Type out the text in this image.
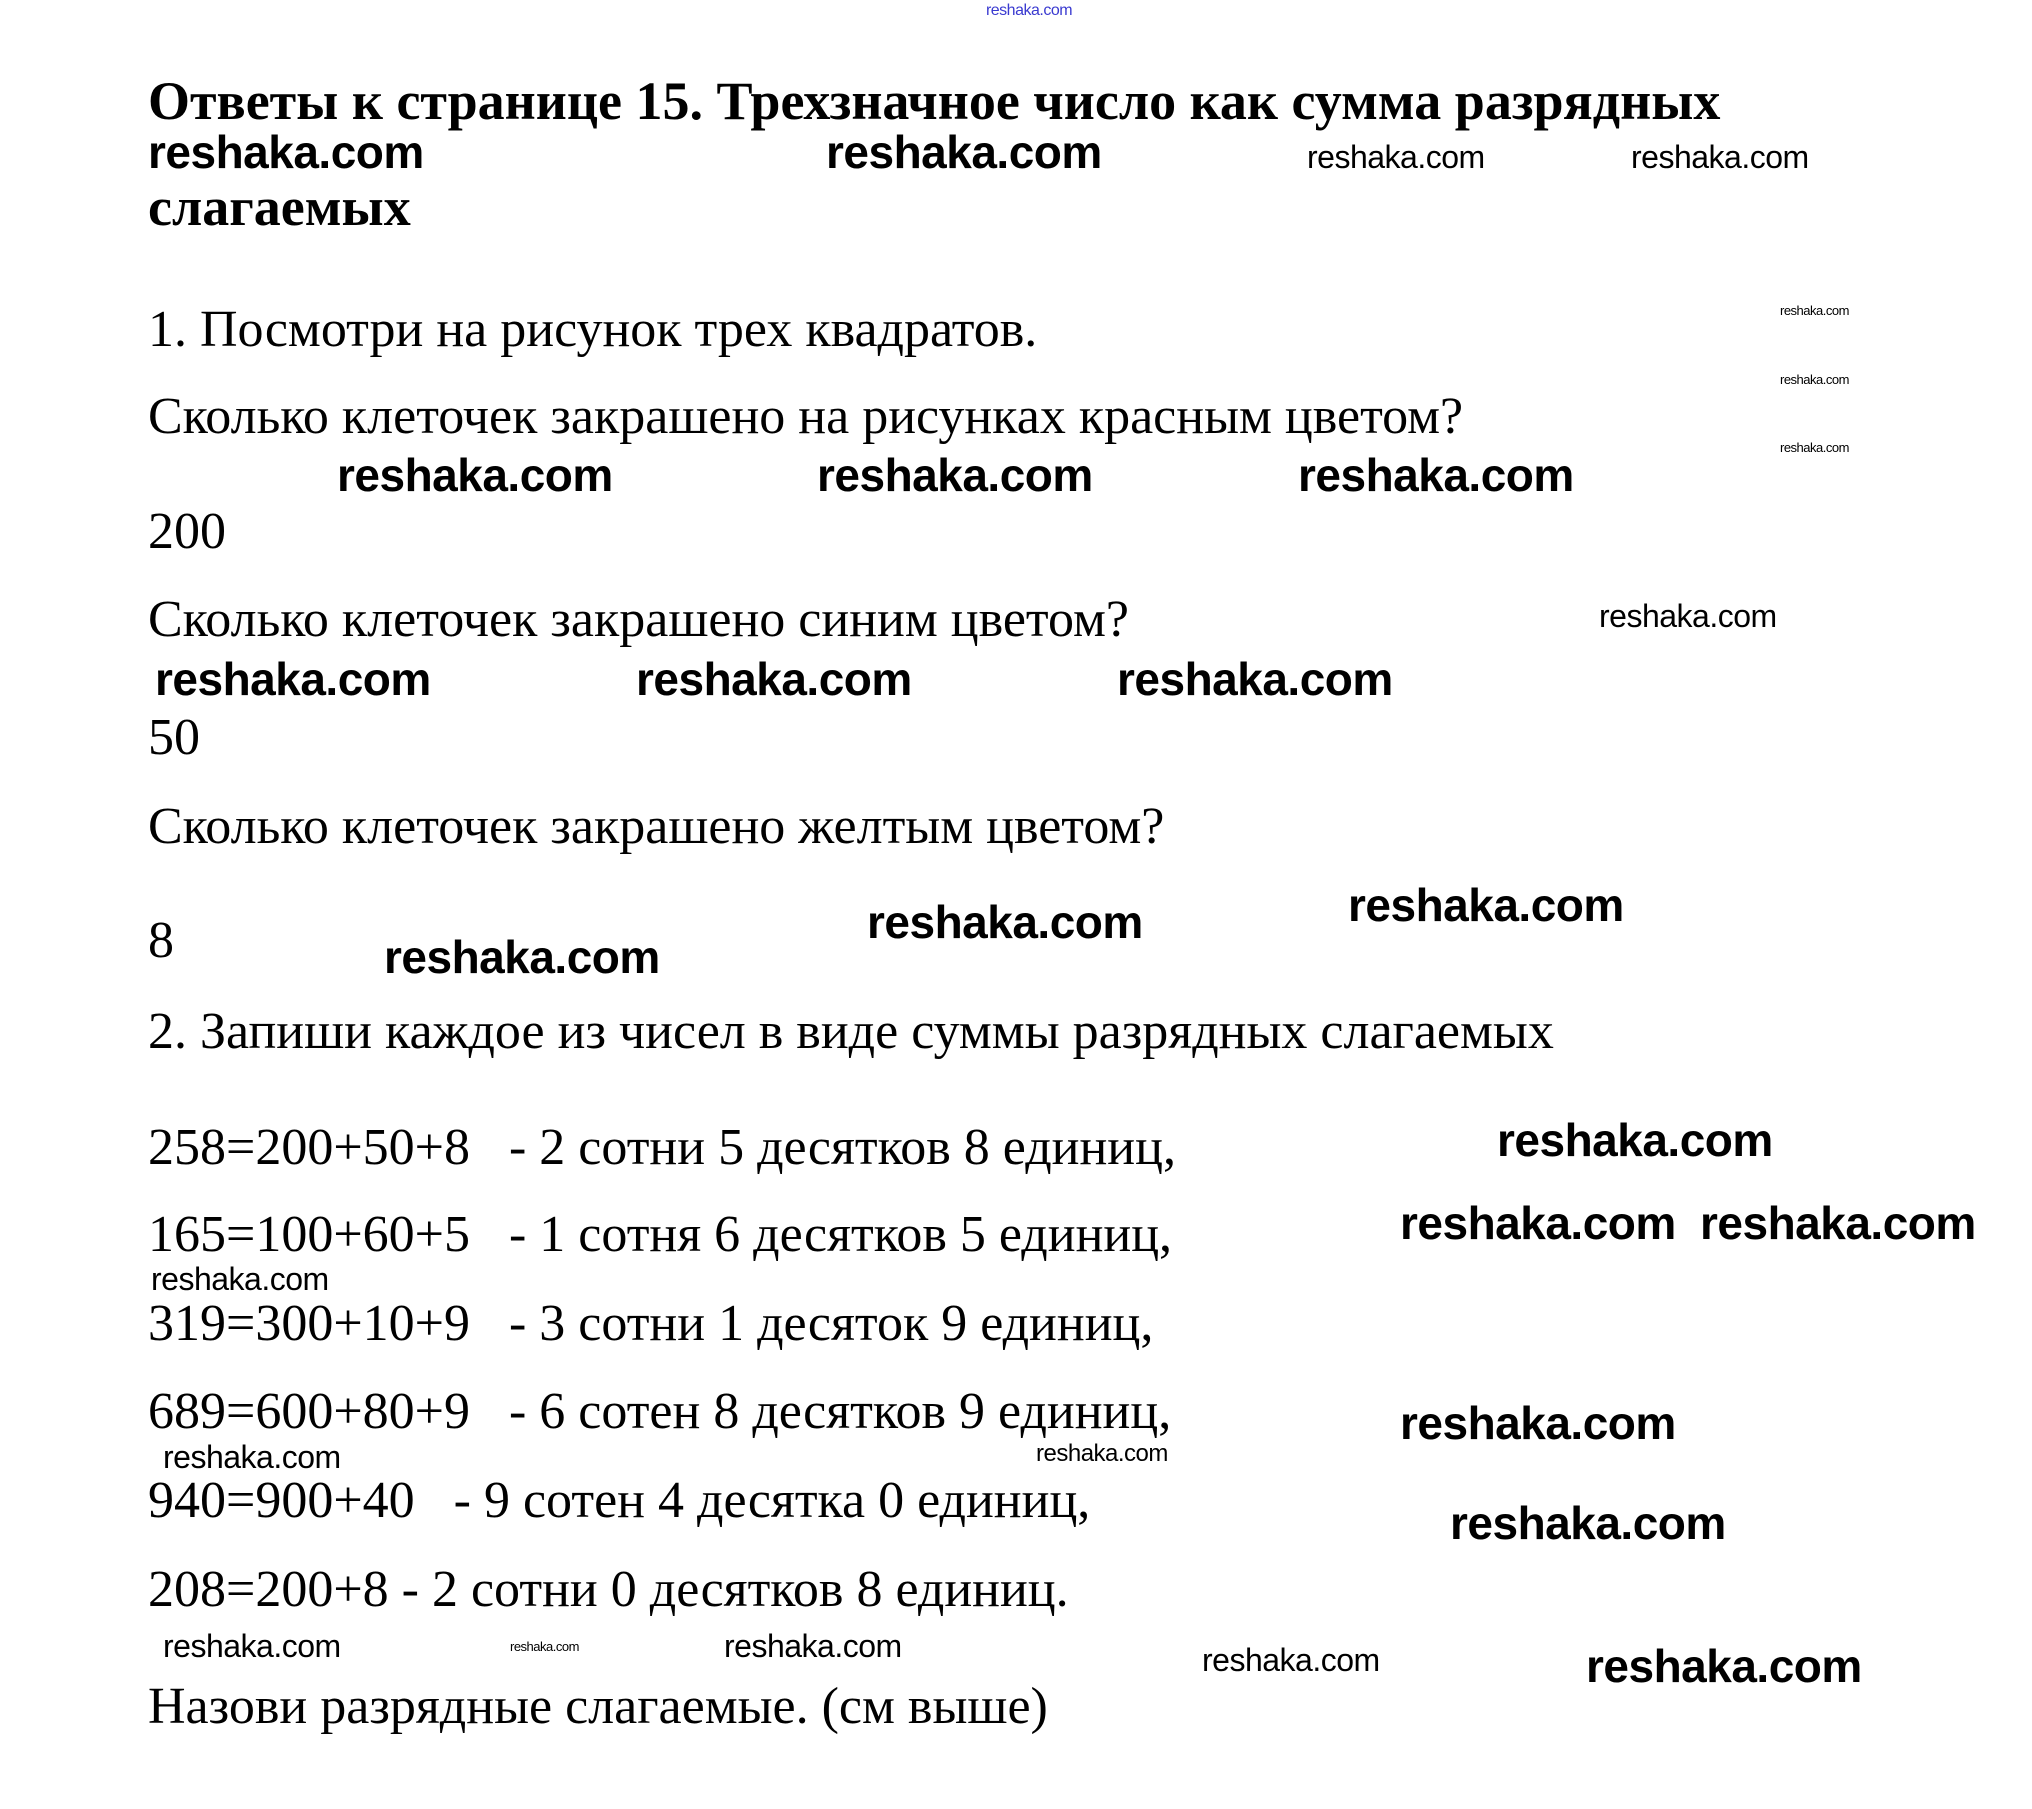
reshaka.com
Ответы к странице 15. Трехзначное число как сумма разрядных
слагаемых
1. Посмотри на рисунок трех квадратов.
Сколько клеточек закрашено на рисунках красным цветом?
200
Сколько клеточек закрашено синим цветом?
50
Сколько клеточек закрашено желтым цветом?
8
2. Запиши каждое из чисел в виде суммы разрядных слагаемых
258=200+50+8   - 2 сотни 5 десятков 8 единиц,
165=100+60+5   - 1 сотня 6 десятков 5 единиц,
319=300+10+9   - 3 сотни 1 десяток 9 единиц,
689=600+80+9   - 6 сотен 8 десятков 9 единиц,
940=900+40   - 9 сотен 4 десятка 0 единиц,
208=200+8 - 2 сотни 0 десятков 8 единиц.
Назови разрядные слагаемые. (см выше)
reshaka.com	reshaka.com	reshaka.com	reshaka.com
reshaka.com
reshaka.com
reshaka.com
reshaka.com	reshaka.com	reshaka.com
reshaka.com
reshaka.com	reshaka.com	reshaka.com
reshaka.com
reshaka.com
reshaka.com
reshaka.com
reshaka.com reshaka.com
reshaka.com
reshaka.com
reshaka.com
reshaka.com
reshaka.com
reshaka.com	reshaka.com
reshaka.com	reshaka.com	reshaka.com
